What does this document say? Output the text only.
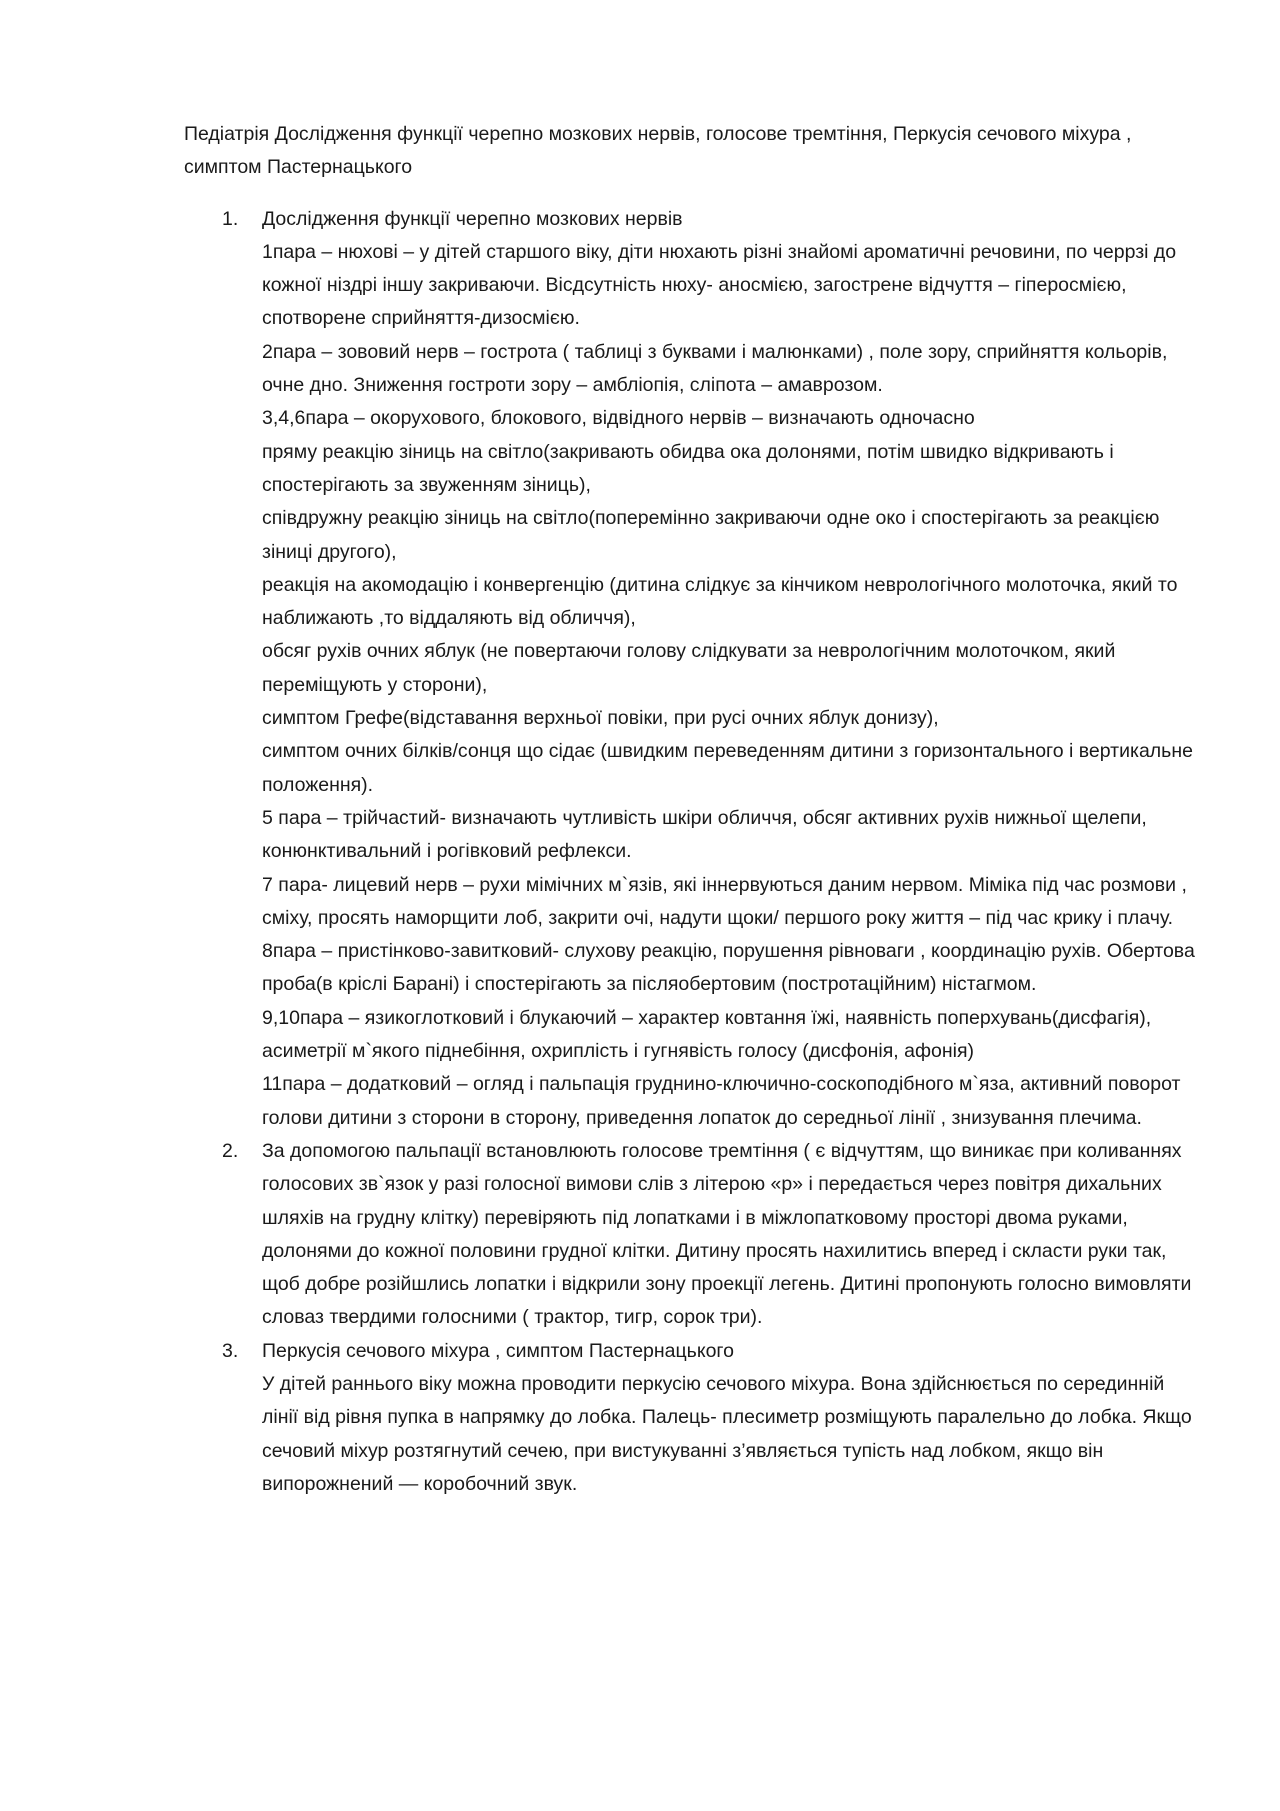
Педіатрія Дослідження функції черепно мозкових нервів, голосове тремтіння, Перкусія сечового міхура , симптом Пастернацького

1.	Дослідження функції черепно мозкових нервів
1пара – нюхові – у дітей старшого віку, діти нюхають різні знайомі ароматичні речовини, по черрзі до кожної ніздрі іншу закриваючи. Вісдсутність нюху- аносмією, загострене відчуття – гіперосмією, спотворене сприйняття-дизосмією.
2пара – зововий нерв – гострота ( таблиці з буквами і малюнками) , поле зору, сприйняття кольорів, очне дно. Зниження гостроти зору – амбліопія, сліпота – амаврозом.
3,4,6пара – окорухового, блокового, відвідного нервів – визначають одночасно
пряму реакцію зіниць на світло(закривають обидва ока долонями, потім швидко відкривають і спостерігають за звуженням зіниць),
співдружну реакцію зіниць на світло(поперемінно закриваючи одне око і спостерігають за реакцією зіниці другого),
реакція на акомодацію і конвергенцію (дитина слідкує за кінчиком неврологічного молоточка, який то наближають ,то віддаляють від обличчя),
обсяг рухів очних яблук (не повертаючи голову слідкувати за неврологічним молоточком, який переміщують у сторони),
симптом Грефе(відставання верхньої повіки, при русі очних яблук донизу),
симптом очних білків/сонця що сідає (швидким переведенням дитини з горизонтального і вертикальне положення).
5 пара – трійчастий- визначають чутливість шкіри обличчя, обсяг активних рухів нижньої щелепи, конюнктивальний і рогівковий рефлекси.
7 пара- лицевий нерв – рухи мімічних м`язів, які іннервуються даним нервом. Міміка під час розмови , сміху, просять наморщити лоб, закрити очі, надути щоки/ першого року життя – під час крику і плачу.
8пара – пристінково-завитковий- слухову реакцію, порушення рівноваги , координацію рухів. Обертова проба(в кріслі Барані) і спостерігають за післяобертовим (постротаційним) ністагмом.
9,10пара – язикоглотковий і блукаючий – характер ковтання їжі, наявність поперхувань(дисфагія), асиметрії м`якого піднебіння, охриплість і гугнявість голосу (дисфонія, афонія)
11пара – додатковий – огляд і пальпація груднино-ключично-соскоподібного м`яза, активний поворот голови дитини з сторони в сторону, приведення лопаток до середньої лінії , знизування плечима.
2.	За допомогою пальпації встановлюють голосове тремтіння ( є відчуттям, що виникає при коливаннях голосових зв`язок у разі голосної вимови слів з літерою «р» і передається через повітря дихальних шляхів на грудну клітку) перевіряють під лопатками і в міжлопатковому просторі двома руками, долонями до кожної половини грудної клітки. Дитину просять нахилитись вперед і скласти руки так, щоб добре розійшлись лопатки і відкрили зону проекції легень. Дитині пропонують голосно вимовляти словаз твердими голосними ( трактор, тигр, сорок три).
3.	Перкусія сечового міхура , симптом Пастернацького
У дітей раннього віку можна проводити перкусію сечового міхура. Вона здійснюється по серединній лінії від рівня пупка в напрямку до лобка. Палець- плесиметр розміщують паралельно до лобка. Якщо сечовий міхур розтягнутий сечею, при вистукуванні з’являється тупість над лобком, якщо він випорожнений — коробочний звук.
